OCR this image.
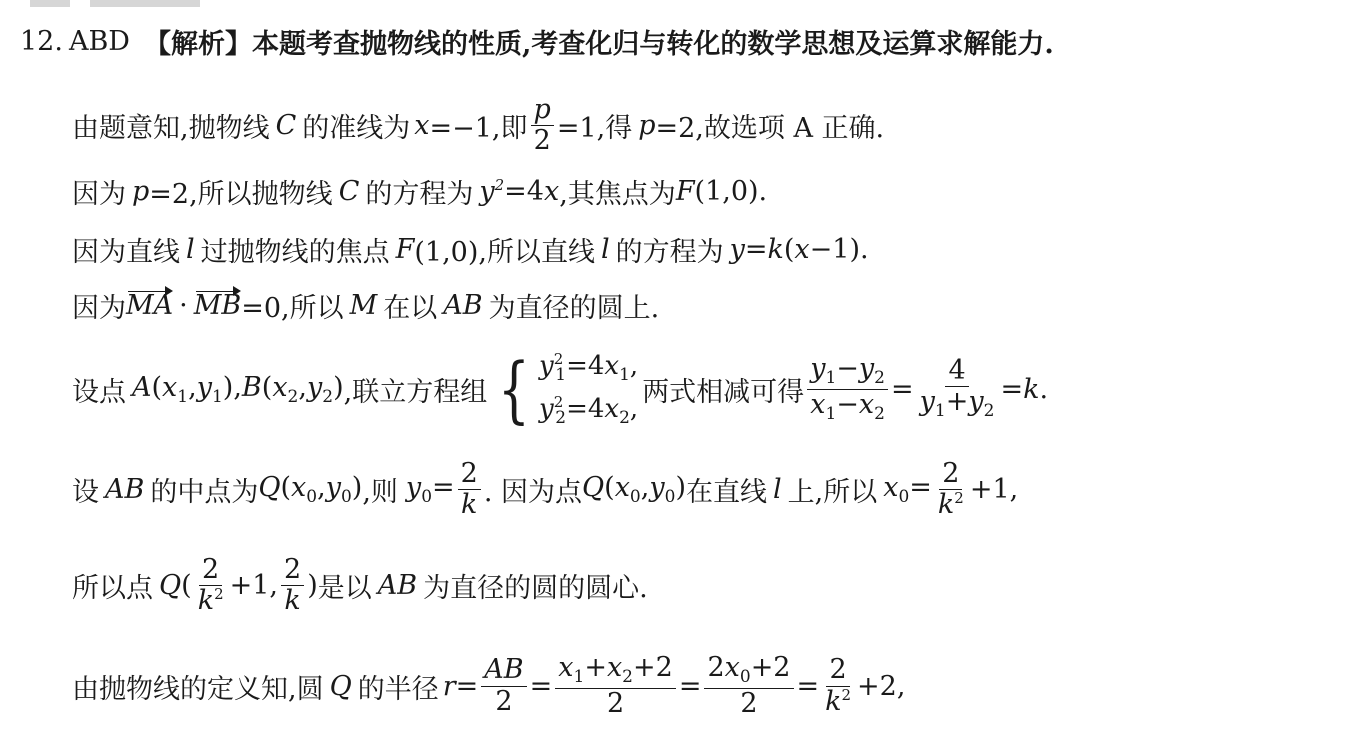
12. ABD 【解析】 本题考查抛物线的性质,考查化归与转化的数学思想及运算求解能力.
由题意知,抛物线 C 的准线为 x =−1,即 $\frac{p}{2} =1$,得 p =2,故选项 A 正确.
因为 p =2,所以抛物线 C 的方程为 $y^2 =4$ x ,其焦点为 F (1,0).
因为直线 l 过抛物线的焦点 F (1,0),所以直线 l 的方程为 y = k ( x −1).
因为 MA · MB =0,所以 M 在以 AB 为直径的圆上.
设点 $A(x_1,y_1),B(x_2,y_2)$ ,联立方程组 { $y^2_1=4x_1$,
$y^2_2=4x_2$,
两式相减可得 $\frac{y_1-y_2}{x_1-x_2} = \frac{4}{y_1+y_2} =k$.
设 AB 的中点为 $Q(x_0,y_0)$ ,则 $y_0= \frac{2}{k}$ . 因为点 $Q(x_0,y_0)$ 在直线 l 上,所以 $x_0= \frac{2}{k^2} +1$,
所以点 Q ( $\frac{2}{k^2} +1$, $\frac{2}{k}$ ) 是以 AB 为直径的圆的圆心.
由抛物线的定义知,圆 Q 的半径 $r = \frac{AB}{2} = \frac{x_1+x_2+2}{2} = \frac{2x_0+2}{2} = \frac{2}{k^2} +2$,
